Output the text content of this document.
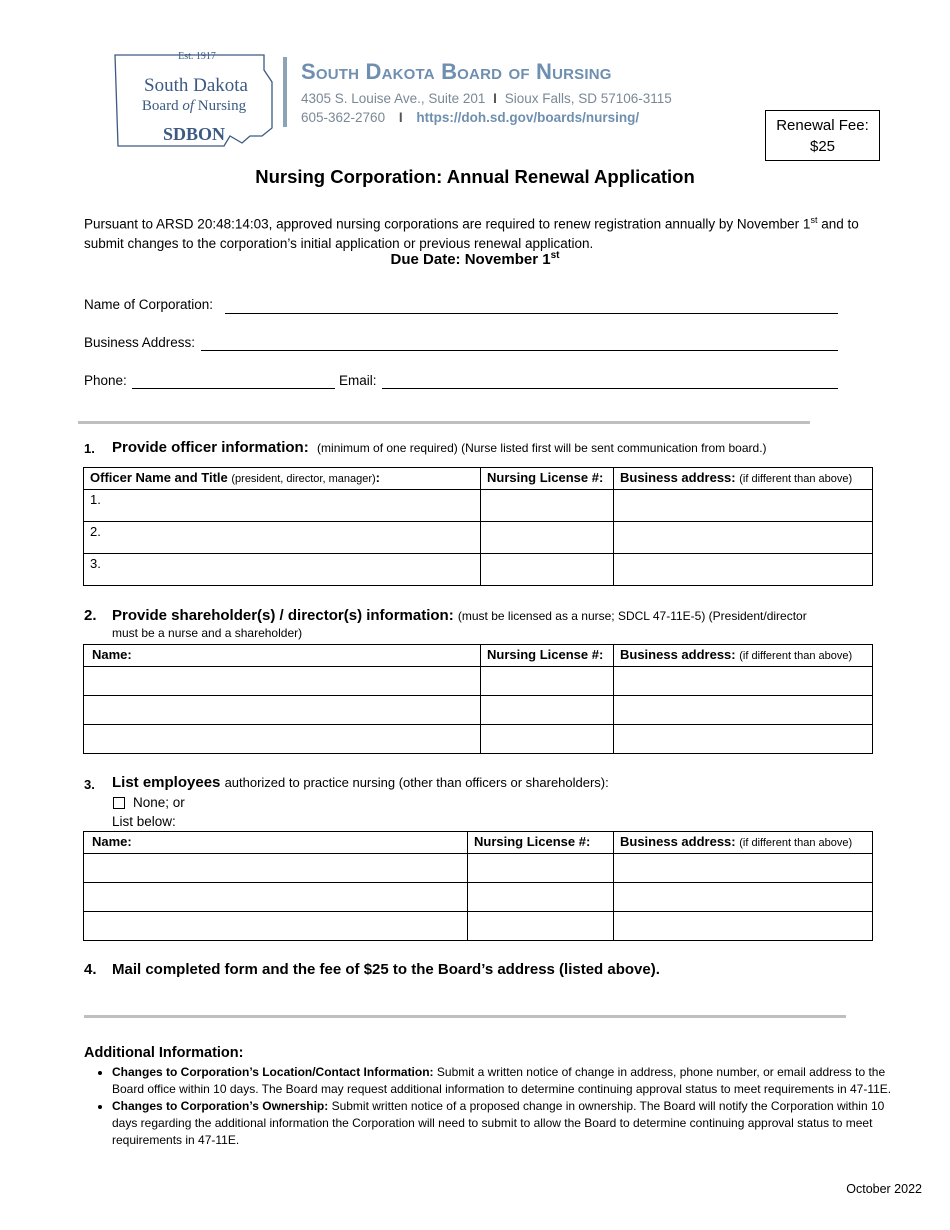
Est. 1917
South Dakota
Board of Nursing
SDBON
South Dakota Board of Nursing
4305 S. Louise Ave., Suite 201 I Sioux Falls, SD 57106-3115
605-362-2760 I https://doh.sd.gov/boards/nursing/	Renewal Fee:
$25
Nursing Corporation: Annual Renewal Application
Pursuant to ARSD 20:48:14:03, approved nursing corporations are required to renew registration annually by November 1st and to submit changes to the corporation’s initial application or previous renewal application.
Due Date: November 1st
Name of Corporation:
Business Address:
Phone:	Email:
1. Provide officer information: (minimum of one required) (Nurse listed first will be sent communication from board.)
Officer Name and Title (president, director, manager):	Nursing License #:	Business address: (if different than above)
1.		
2.		
3.		
2. Provide shareholder(s) / director(s) information: (must be licensed as a nurse; SDCL 47-11E-5) (President/director
must be a nurse and a shareholder)
Name:	Nursing License #:	Business address: (if different than above)

3. List employees authorized to practice nursing (other than officers or shareholders):
None; or
List below:
Name:	Nursing License #:	Business address: (if different than above)

4. Mail completed form and the fee of $25 to the Board’s address (listed above).
Additional Information:
• Changes to Corporation’s Location/Contact Information: Submit a written notice of change in address, phone number, or email address to the Board office within 10 days. The Board may request additional information to determine continuing approval status to meet requirements in 47-11E.
• Changes to Corporation’s Ownership: Submit written notice of a proposed change in ownership. The Board will notify the Corporation within 10 days regarding the additional information the Corporation will need to submit to allow the Board to determine continuing approval status to meet requirements in 47-11E.
October 2022
